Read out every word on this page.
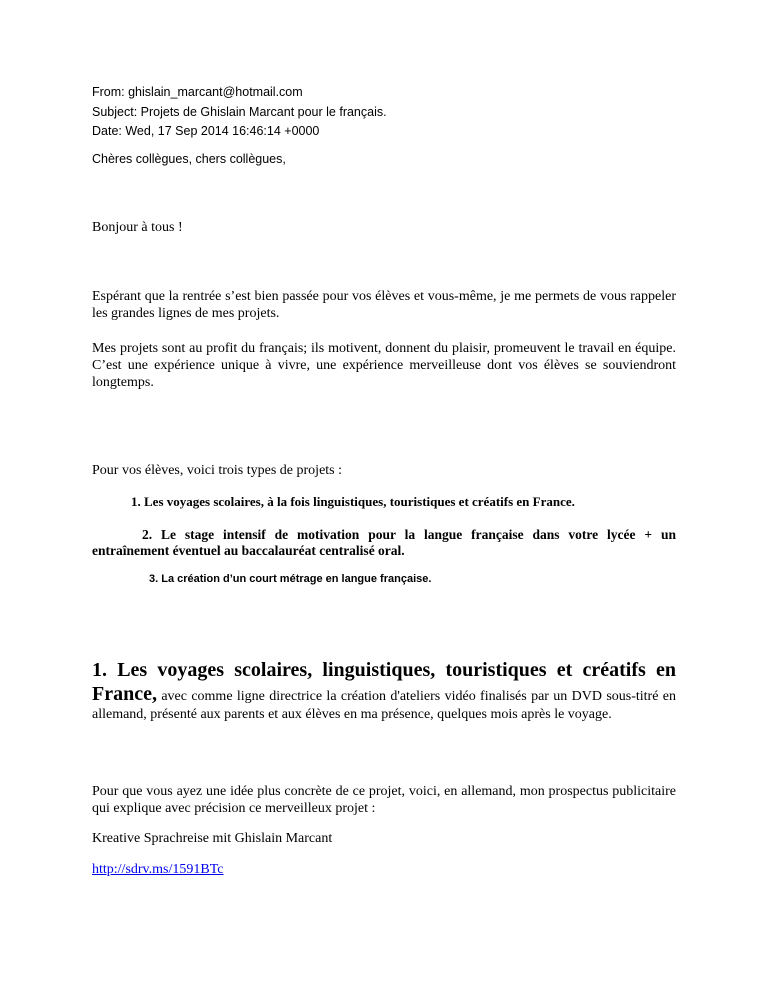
From: ghislain_marcant@hotmail.com
Subject: Projets de Ghislain Marcant pour le français.
Date: Wed, 17 Sep 2014 16:46:14 +0000
Chères collègues, chers collègues,
Bonjour à tous !
Espérant que la rentrée s’est bien passée pour vos élèves et vous-même, je me permets de vous rappeler les grandes lignes de mes projets.
Mes projets sont au profit du français; ils motivent, donnent du plaisir, promeuvent le travail en équipe. C’est une expérience unique à vivre, une expérience merveilleuse dont vos élèves se souviendront longtemps.
Pour vos élèves, voici trois types de projets :
1. Les voyages scolaires, à la fois linguistiques, touristiques et créatifs en France.
2. Le stage intensif de motivation pour la langue française dans votre lycée + un entraînement éventuel au baccalauréat centralisé oral.
3. La création d’un court métrage en langue française.
1. Les voyages scolaires, linguistiques, touristiques et créatifs en France, avec comme ligne directrice la création d'ateliers vidéo finalisés par un DVD sous-titré en allemand, présenté aux parents et aux élèves en ma présence, quelques mois après le voyage.
Pour que vous ayez une idée plus concrète de ce projet, voici, en allemand, mon prospectus publicitaire qui explique avec précision ce merveilleux projet :
Kreative Sprachreise mit Ghislain Marcant
http://sdrv.ms/1591BTc
